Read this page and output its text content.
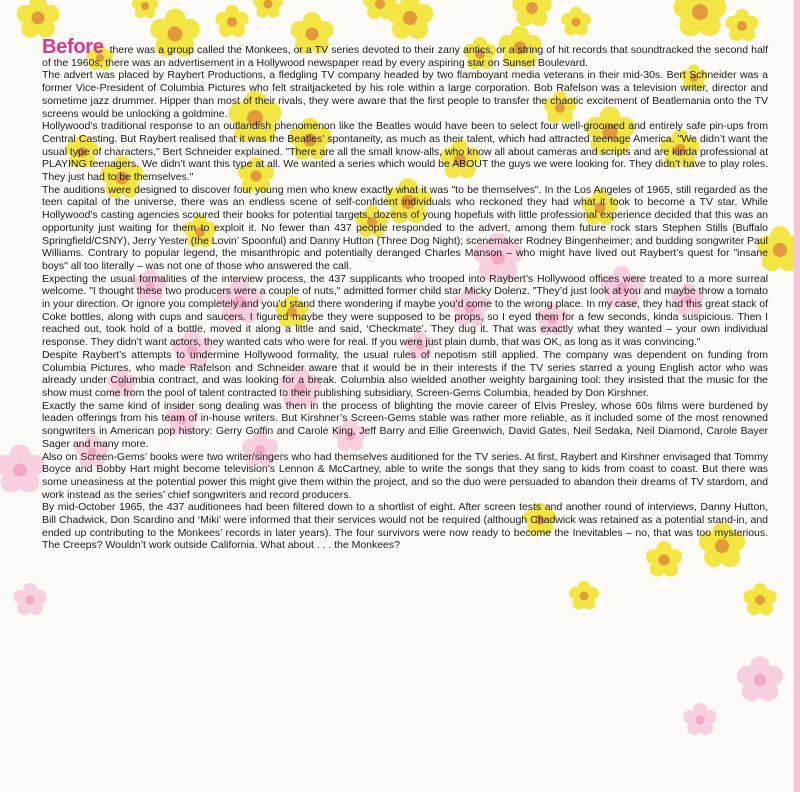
Before there was a group called the Monkees, or a TV series devoted to their zany antics, or a string of hit records that soundtracked the second half of the 1960s, there was an advertisement in a Hollywood newspaper read by every aspiring star on Sunset Boulevard.

The advert was placed by Raybert Productions, a fledgling TV company headed by two flamboyant media veterans in their mid-30s. Bert Schneider was a former Vice-President of Columbia Pictures who felt straitjacketed by his role within a large corporation. Bob Rafelson was a television writer, director and sometime jazz drummer. Hipper than most of their rivals, they were aware that the first people to transfer the chaotic excitement of Beatlemania onto the TV screens would be unlocking a goldmine.

Hollywood’s traditional response to an outlandish phenomenon like the Beatles would have been to select four well-groomed and entirely safe pin-ups from Central Casting. But Raybert realised that it was the Beatles’ spontaneity, as much as their talent, which had attracted teenage America. "We didn’t want the usual type of characters," Bert Schneider explained. "There are all the small know-alls, who know all about cameras and scripts and are kinda professional at PLAYING teenagers. We didn’t want this type at all. We wanted a series which would be ABOUT the guys we were looking for. They didn’t have to play roles. They just had to be themselves."

The auditions were designed to discover four young men who knew exactly what it was "to be themselves". In the Los Angeles of 1965, still regarded as the teen capital of the universe, there was an endless scene of self-confident individuals who reckoned they had what it took to become a TV star. While Hollywood’s casting agencies scoured their books for potential targets, dozens of young hopefuls with little professional experience decided that this was an opportunity just waiting for them to exploit it. No fewer than 437 people responded to the advert, among them future rock stars Stephen Stills (Buffalo Springfield/CSNY), Jerry Yester (the Lovin’ Spoonful) and Danny Hutton (Three Dog Night); scenemaker Rodney Bingenheimer; and budding songwriter Paul Williams. Contrary to popular legend, the misanthropic and potentially deranged Charles Manson – who might have lived out Raybert’s quest for "insane boys" all too literally – was not one of those who answered the call.

Expecting the usual formalities of the interview process, the 437 supplicants who trooped into Raybert’s Hollywood offices were treated to a more surreal welcome. "I thought these two producers were a couple of nuts," admitted former child star Micky Dolenz. "They’d just look at you and maybe throw a tomato in your direction. Or ignore you completely and you’d stand there wondering if maybe you’d come to the wrong place. In my case, they had this great stack of Coke bottles, along with cups and saucers. I figured maybe they were supposed to be props, so I eyed them for a few seconds, kinda suspicious. Then I reached out, took hold of a bottle, moved it along a little and said, ‘Checkmate’. They dug it. That was exactly what they wanted – your own individual response. They didn’t want actors, they wanted cats who were for real. If you were just plain dumb, that was OK, as long as it was convincing."

Despite Raybert’s attempts to undermine Hollywood formality, the usual rules of nepotism still applied. The company was dependent on funding from Columbia Pictures, who made Rafelson and Schneider aware that it would be in their interests if the TV series starred a young English actor who was already under Columbia contract, and was looking for a break. Columbia also wielded another weighty bargaining tool: they insisted that the music for the show must come from the pool of talent contracted to their publishing subsidiary, Screen-Gems Columbia, headed by Don Kirshner.

Exactly the same kind of insider song dealing was then in the process of blighting the movie career of Elvis Presley, whose 60s films were burdened by leaden offerings from his team of in-house writers. But Kirshner’s Screen-Gems stable was rather more reliable, as it included some of the most renowned songwriters in American pop history: Gerry Goffin and Carole King, Jeff Barry and Ellie Greenwich, David Gates, Neil Sedaka, Neil Diamond, Carole Bayer Sager and many more.

Also on Screen-Gems’ books were two writer/singers who had themselves auditioned for the TV series. At first, Raybert and Kirshner envisaged that Tommy Boyce and Bobby Hart might become television’s Lennon & McCartney, able to write the songs that they sang to kids from coast to coast. But there was some uneasiness at the potential power this might give them within the project, and so the duo were persuaded to abandon their dreams of TV stardom, and work instead as the series’ chief songwriters and record producers.

By mid-October 1965, the 437 auditionees had been filtered down to a shortlist of eight. After screen tests and another round of interviews, Danny Hutton, Bill Chadwick, Don Scardino and ‘Miki’ were informed that their services would not be required (although Chadwick was retained as a potential stand-in, and ended up contributing to the Monkees’ records in later years). The four survivors were now ready to become the Inevitables – no, that was too mysterious. The Creeps? Wouldn’t work outside California. What about . . . the Monkees?
